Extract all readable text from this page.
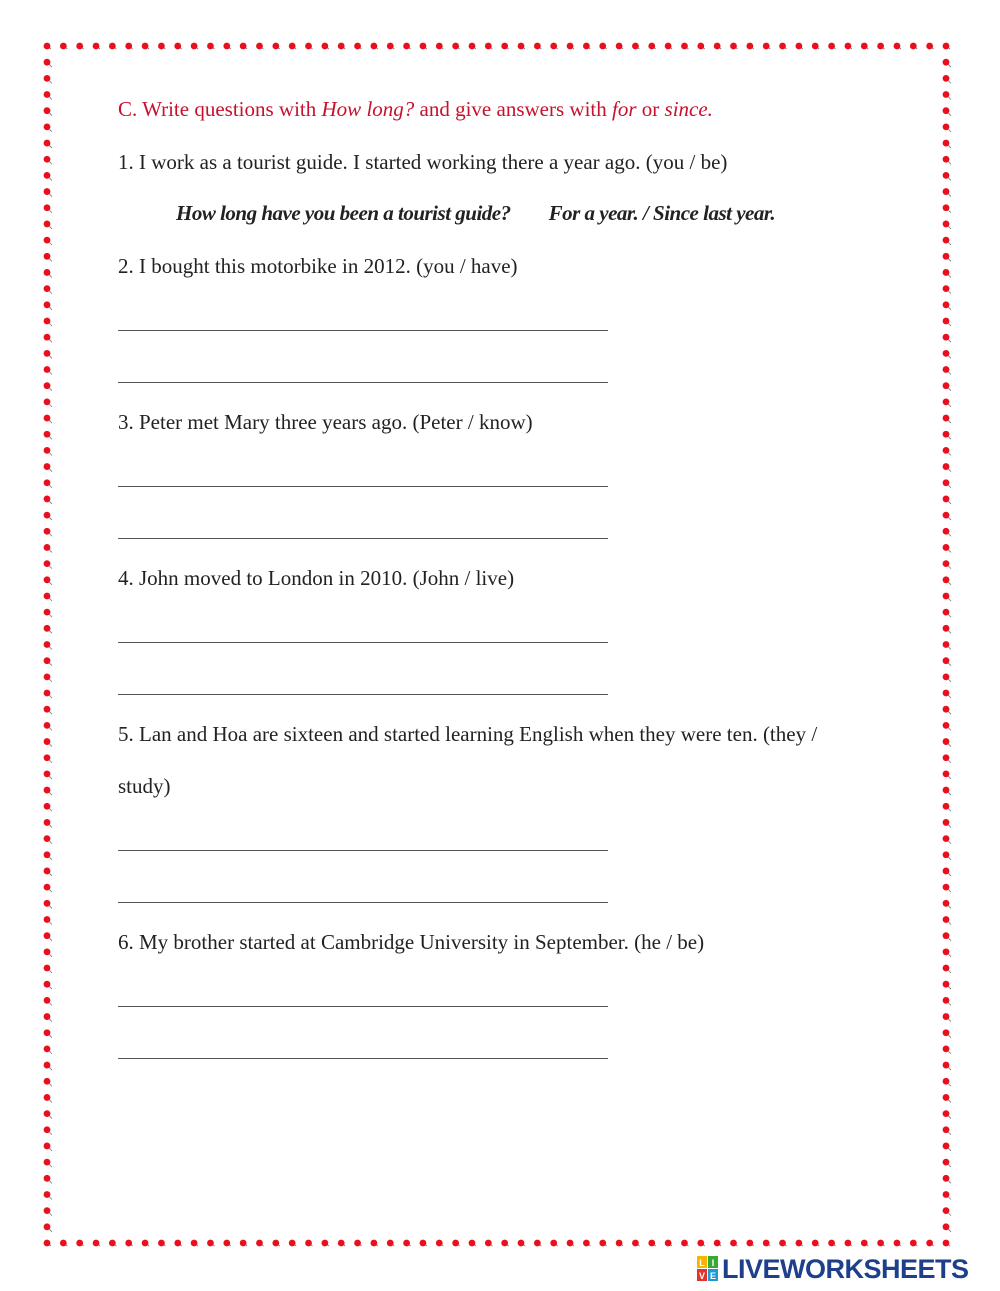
C. Write questions with How long? and give answers with for or since.

1. I work as a tourist guide. I started working there a year ago. (you / be)

How long have you been a tourist guide? For a year. / Since last year.

2. I bought this motorbike in 2012. (you / have)

3. Peter met Mary three years ago. (Peter / know)

4. John moved to London in 2010. (John / live)

5. Lan and Hoa are sixteen and started learning English when they were ten. (they /

study)

6. My brother started at Cambridge University in September. (he / be)

L I
V E LIVEWORKSHEETS
